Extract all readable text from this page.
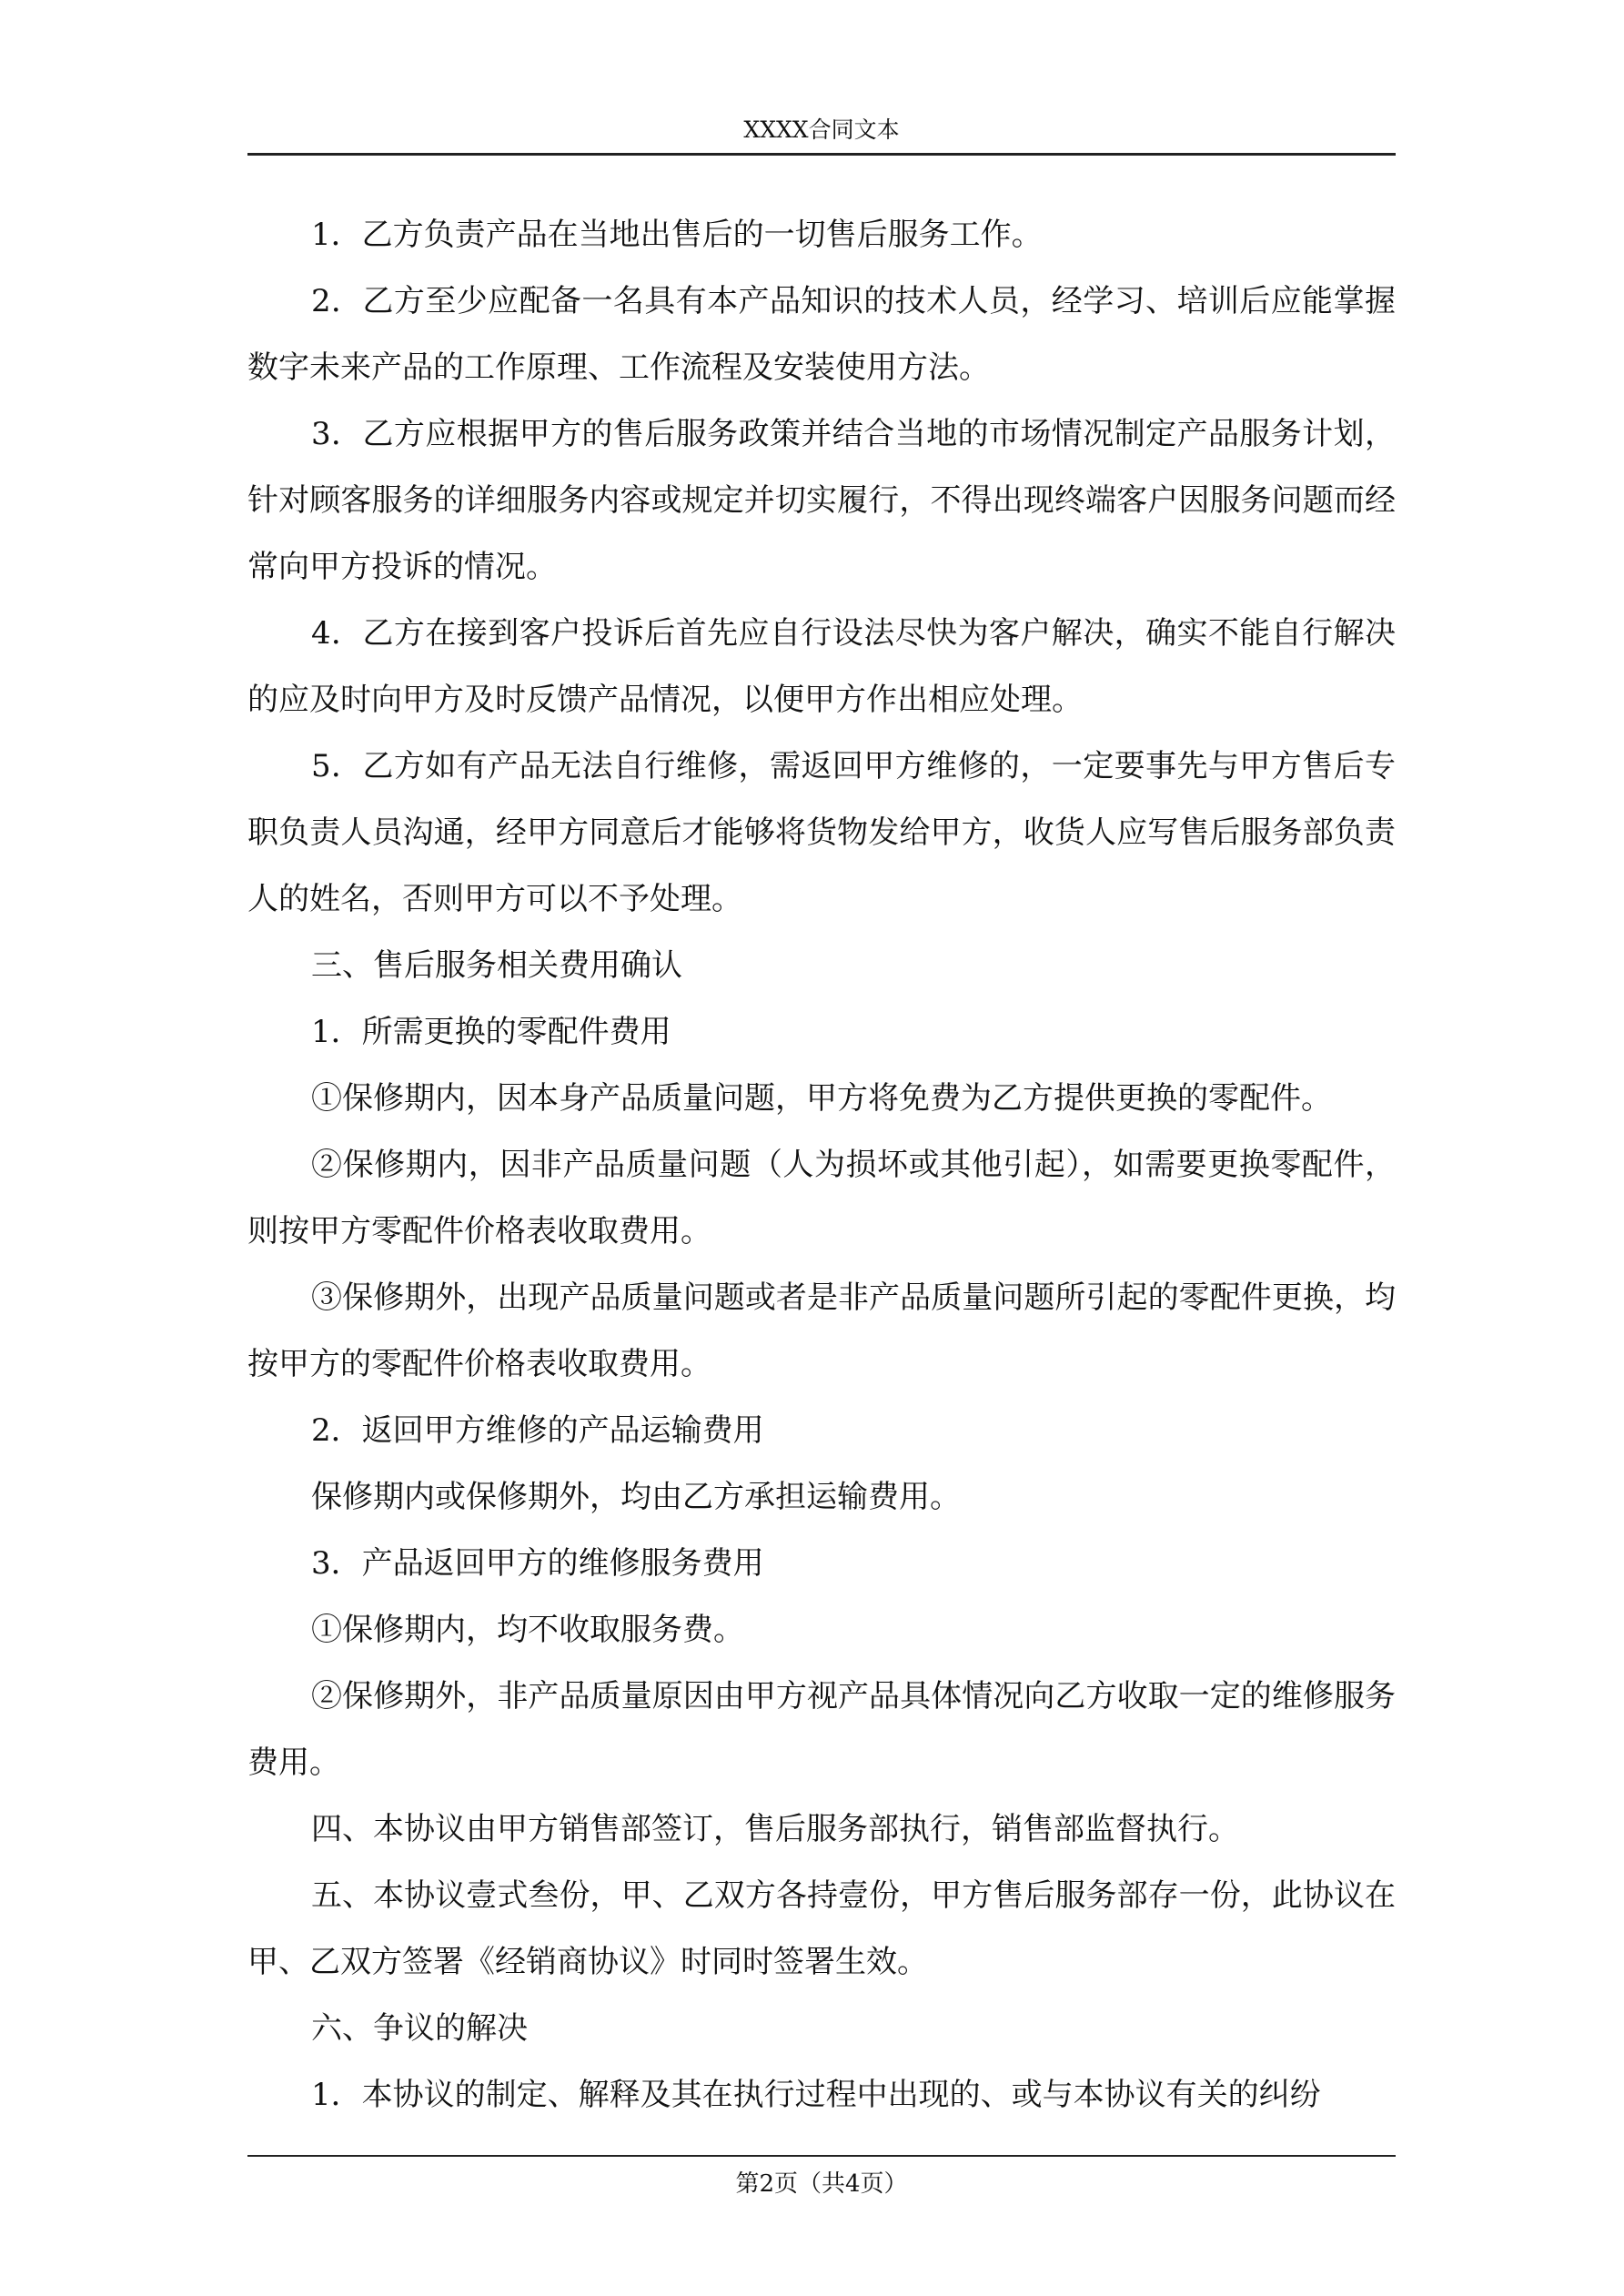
XXXX合同文本

1．乙方负责产品在当地出售后的一切售后服务工作。

2．乙方至少应配备一名具有本产品知识的技术人员，经学习、培训后应能掌握数字未来产品的工作原理、工作流程及安装使用方法。

3．乙方应根据甲方的售后服务政策并结合当地的市场情况制定产品服务计划，针对顾客服务的详细服务内容或规定并切实履行，不得出现终端客户因服务问题而经常向甲方投诉的情况。

4．乙方在接到客户投诉后首先应自行设法尽快为客户解决，确实不能自行解决的应及时向甲方及时反馈产品情况，以便甲方作出相应处理。

5．乙方如有产品无法自行维修，需返回甲方维修的，一定要事先与甲方售后专职负责人员沟通，经甲方同意后才能够将货物发给甲方，收货人应写售后服务部负责人的姓名，否则甲方可以不予处理。

三、售后服务相关费用确认

1．所需更换的零配件费用

①保修期内，因本身产品质量问题，甲方将免费为乙方提供更换的零配件。

②保修期内，因非产品质量问题（人为损坏或其他引起），如需要更换零配件，则按甲方零配件价格表收取费用。

③保修期外，出现产品质量问题或者是非产品质量问题所引起的零配件更换，均按甲方的零配件价格表收取费用。

2．返回甲方维修的产品运输费用

保修期内或保修期外，均由乙方承担运输费用。

3．产品返回甲方的维修服务费用

①保修期内，均不收取服务费。

②保修期外，非产品质量原因由甲方视产品具体情况向乙方收取一定的维修服务费用。

四、本协议由甲方销售部签订，售后服务部执行，销售部监督执行。

五、本协议壹式叁份，甲、乙双方各持壹份，甲方售后服务部存一份，此协议在甲、乙双方签署《经销商协议》时同时签署生效。

六、争议的解决

1．本协议的制定、解释及其在执行过程中出现的、或与本协议有关的纠纷

第2页（共4页）
